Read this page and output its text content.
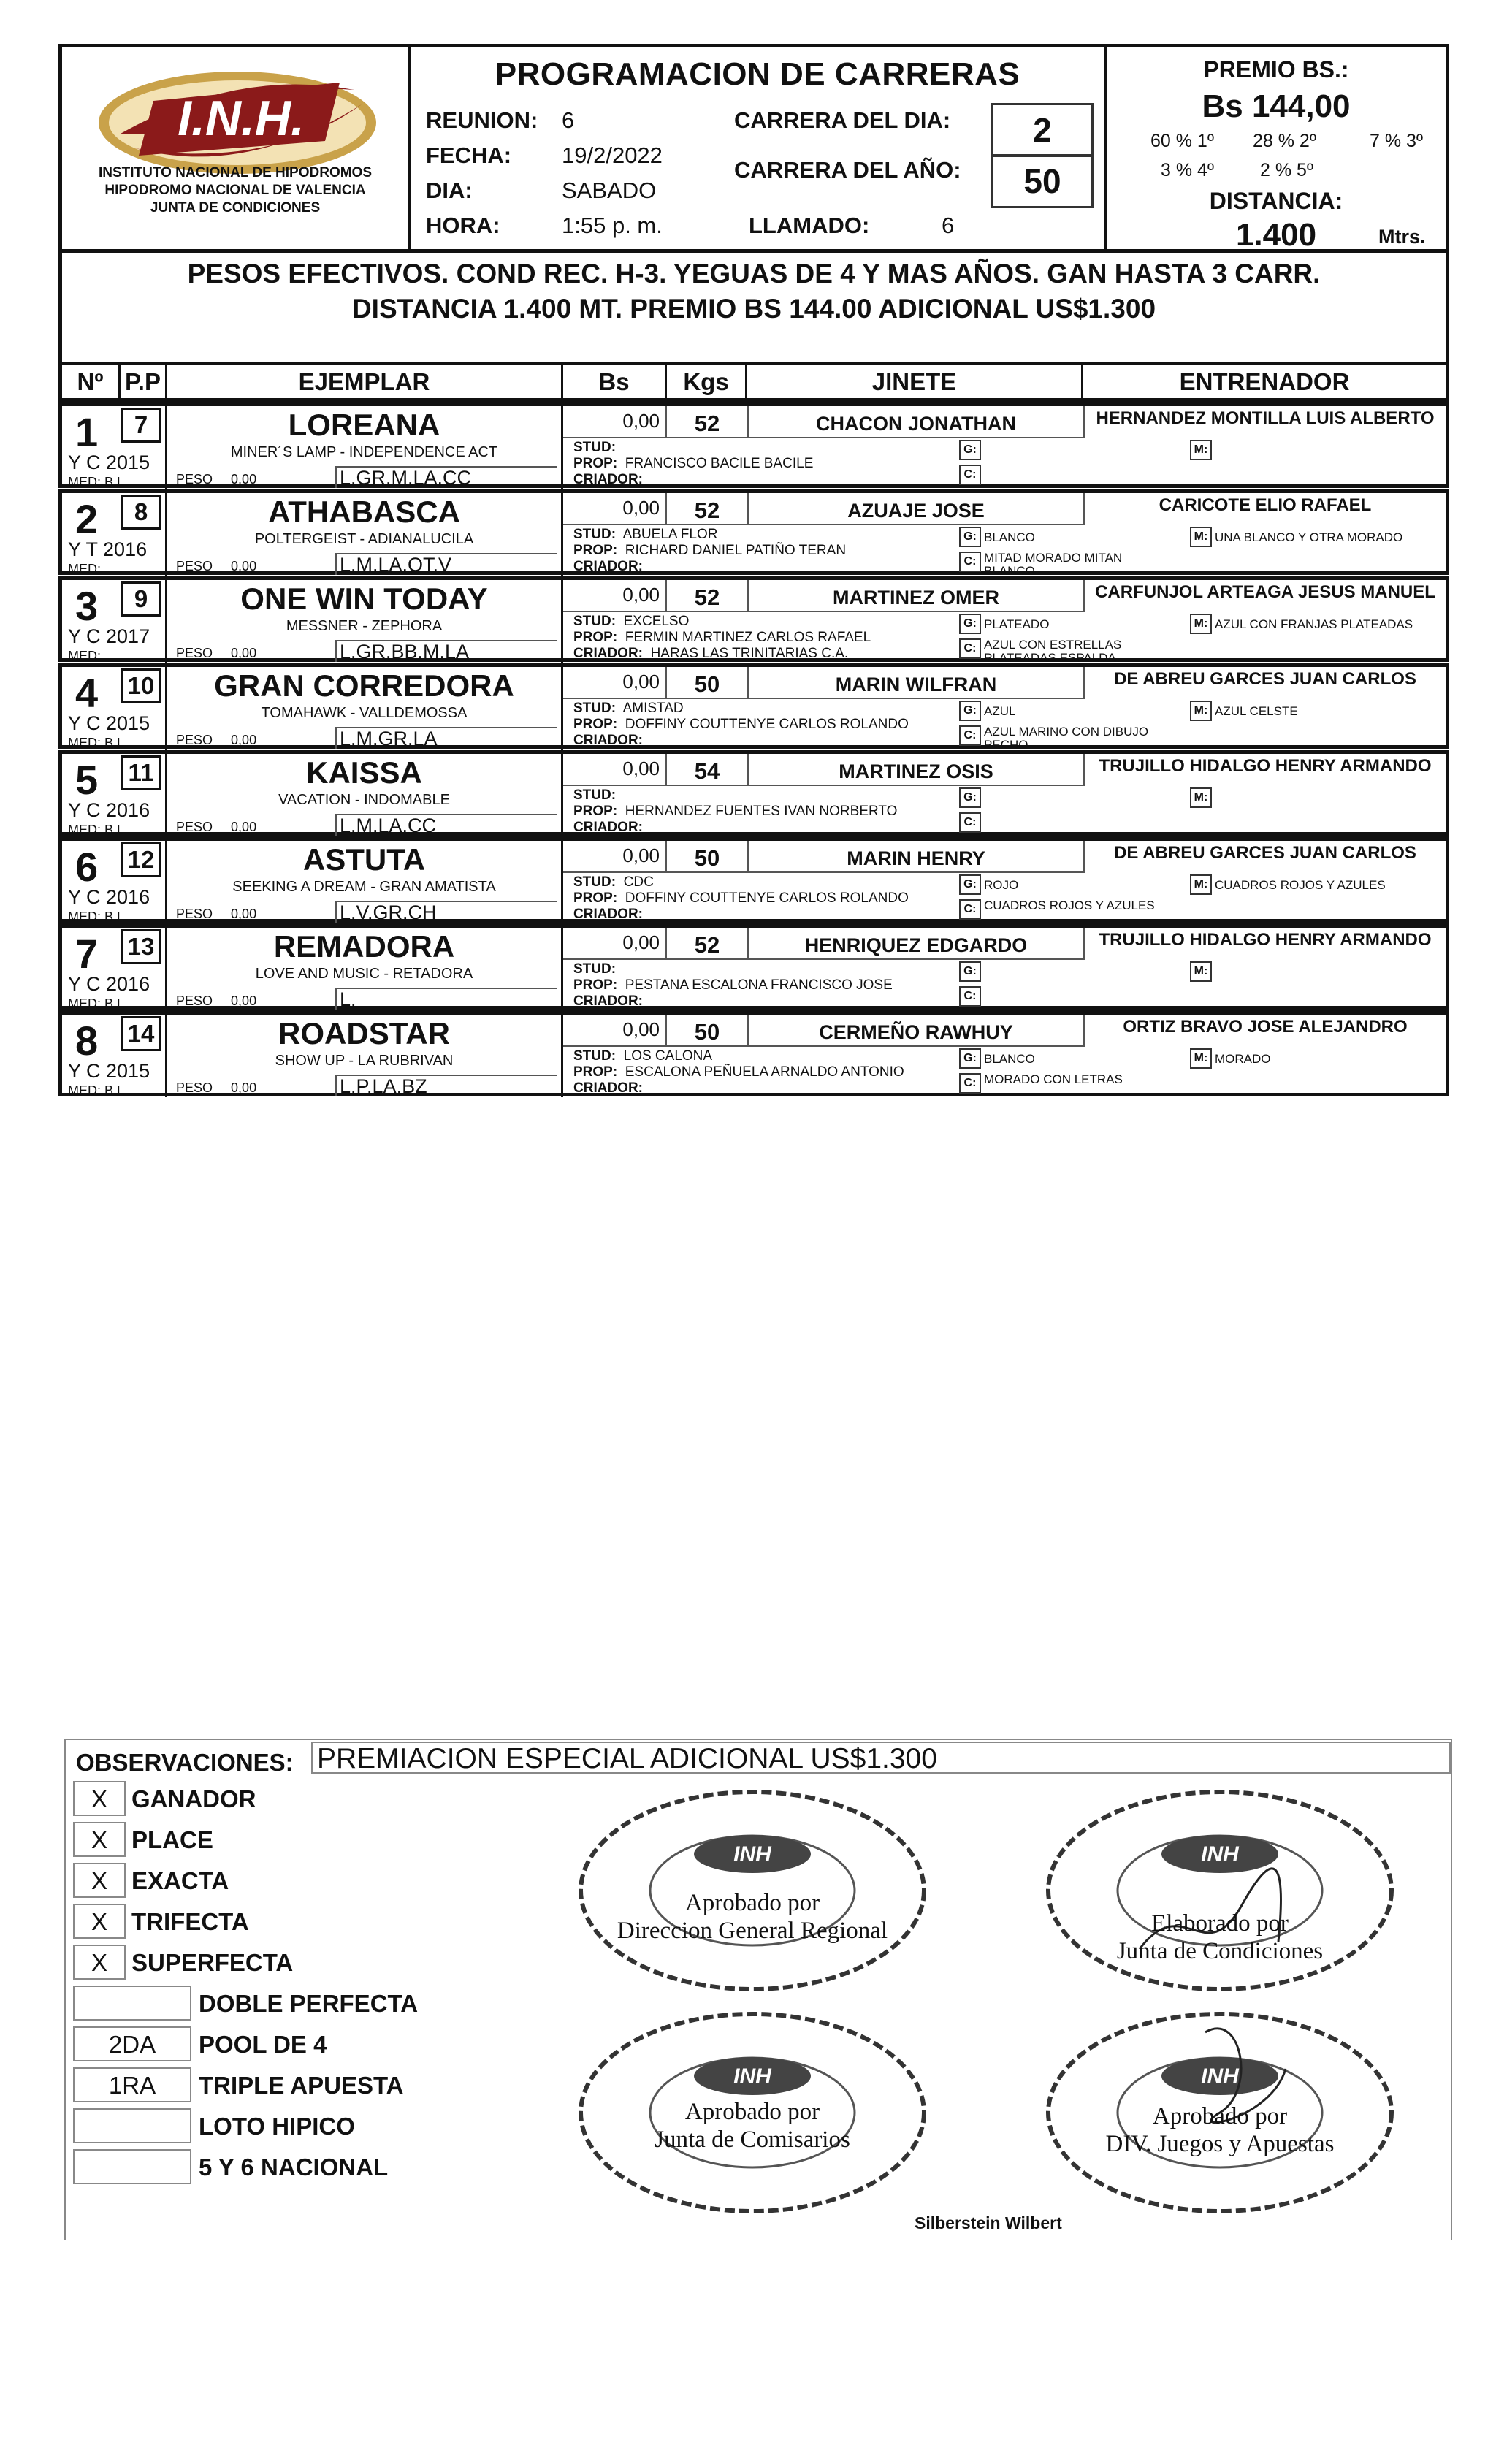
I.N.H.
INSTITUTO NACIONAL DE HIPODROMOS
HIPODROMO NACIONAL DE VALENCIA
JUNTA DE CONDICIONES
PROGRAMACION DE CARRERAS
REUNION: 6
FECHA: 19/2/2022
DIA:	SABADO
HORA:	1:55 p. m.
CARRERA DEL DIA:	2
CARRERA DEL AÑO:	50
LLAMADO:	6
PREMIO BS.:
Bs 144,00
60 % 1º 28 % 2º	7 % 3º
3 % 4º	2 % 5º
DISTANCIA:
1.400	Mtrs.
PESOS EFECTIVOS. COND REC. H-3. YEGUAS DE 4 Y MAS AÑOS. GAN HASTA 3 CARR.
DISTANCIA 1.400 MT. PREMIO BS 144.00 ADICIONAL US$1.300
Nº P.P	EJEMPLAR	Bs	Kgs	JINETE	ENTRENADOR
1	7
Y C 2015
MED: B.L
LOREANA
MINER´S LAMP - INDEPENDENCE ACT
PESO 0,00	L.GR.M.LA.CC
0,00	52	CHACON JONATHAN	HERNANDEZ MONTILLA LUIS ALBERTO
STUD:
PROP: FRANCISCO BACILE BACILE
CRIADOR:
G:
C:
M:
2	8
Y T 2016
MED:
ATHABASCA
POLTERGEIST - ADIANALUCILA
PESO 0,00	L.M.LA.OT.V
0,00	52	AZUAJE JOSE	CARICOTE ELIO RAFAEL
STUD: ABUELA FLOR
PROP: RICHARD DANIEL PATIÑO TERAN
CRIADOR:
G: BLANCO
C: MITAD MORADO MITAN BLANCO
M: UNA BLANCO Y OTRA MORADO
3	9
Y C 2017
MED:
ONE WIN TODAY
MESSNER - ZEPHORA
PESO 0,00	L.GR.BB.M.LA
0,00	52	MARTINEZ OMER	CARFUNJOL ARTEAGA JESUS MANUEL
STUD: EXCELSO
PROP: FERMIN MARTINEZ CARLOS RAFAEL
CRIADOR: HARAS LAS TRINITARIAS C.A.
G: PLATEADO
C: AZUL CON ESTRELLAS PLATEADAS ESPALDA
M: AZUL CON FRANJAS PLATEADAS
4 10
Y C 2015
MED: B.L
GRAN CORREDORA
TOMAHAWK - VALLDEMOSSA
PESO 0,00	L.M.GR.LA
0,00	50	MARIN WILFRAN	DE ABREU GARCES JUAN CARLOS
STUD: AMISTAD
PROP: DOFFINY COUTTENYE CARLOS ROLANDO
CRIADOR:
G: AZUL
C: AZUL MARINO CON DIBUJO PECHO
M: AZUL CELSTE
5	11
Y C 2016
MED: B.L
KAISSA
VACATION - INDOMABLE
PESO 0,00	L.M.LA.CC
0,00	54	MARTINEZ OSIS	TRUJILLO HIDALGO HENRY ARMANDO
STUD:
PROP: HERNANDEZ FUENTES IVAN NORBERTO
CRIADOR:
G:
C:
M:
6 12
Y C 2016
MED: B.L
ASTUTA
SEEKING A DREAM - GRAN AMATISTA
PESO 0,00	L.V.GR.CH
0,00	50	MARIN HENRY	DE ABREU GARCES JUAN CARLOS
STUD: CDC
PROP: DOFFINY COUTTENYE CARLOS ROLANDO
CRIADOR:
G: ROJO
C: CUADROS ROJOS Y AZULES
M: CUADROS ROJOS Y AZULES
7 13
Y C 2016
MED: B.L
REMADORA
LOVE AND MUSIC - RETADORA
PESO 0,00	L.
0,00	52	HENRIQUEZ EDGARDO	TRUJILLO HIDALGO HENRY ARMANDO
STUD:
PROP: PESTANA ESCALONA FRANCISCO JOSE
CRIADOR:
G:
C:
M:
8 14
Y C 2015
MED: B.L
ROADSTAR
SHOW UP - LA RUBRIVAN
PESO 0,00	L.P.LA.BZ
0,00	50	CERMEÑO RAWHUY	ORTIZ BRAVO JOSE ALEJANDRO
STUD: LOS CALONA
PROP: ESCALONA PEÑUELA ARNALDO ANTONIO
CRIADOR:
G: BLANCO
C: MORADO CON LETRAS
M: MORADO
OBSERVACIONES: PREMIACION ESPECIAL ADICIONAL US$1.300
X	GANADOR
X	PLACE
X	EXACTA
X	TRIFECTA
X	SUPERFECTA
DOBLE PERFECTA
2DA	POOL DE 4
1RA	TRIPLE APUESTA
LOTO HIPICO
5 Y 6 NACIONAL
INH
Aprobado por
Direccion General Regional
INH
Elaborado por
Junta de Condiciones
INH
Aprobado por
Junta de Comisarios
INH
Aprobado por
DIV. Juegos y Apuestas
Silberstein Wilbert
